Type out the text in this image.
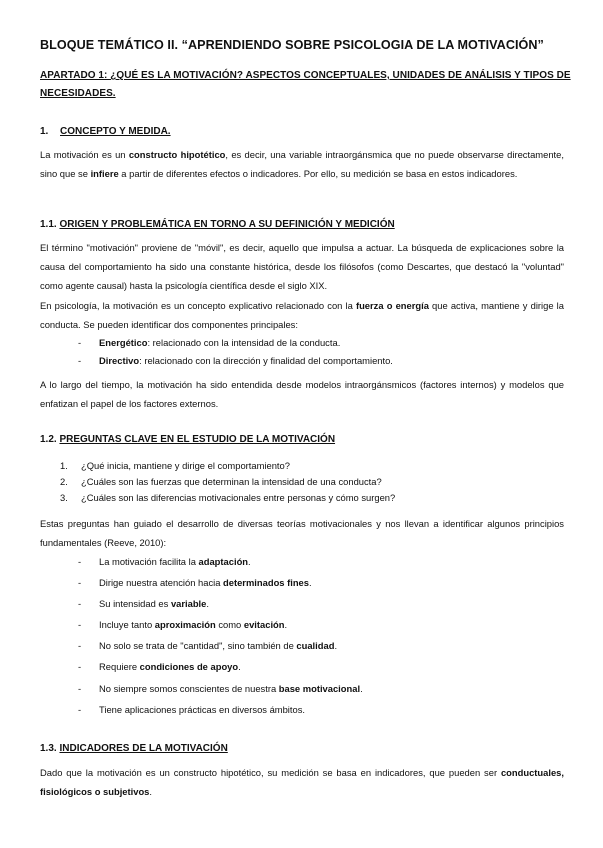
BLOQUE TEMÁTICO II. “APRENDIENDO SOBRE PSICOLOGIA DE LA MOTIVACIÓN”
APARTADO 1: ¿QUÉ ES LA MOTIVACIÓN? ASPECTOS CONCEPTUALES, UNIDADES DE ANÁLISIS Y TIPOS DE
NECESIDADES.
1. CONCEPTO Y MEDIDA.

La motivación es un constructo hipotético, es decir, una variable intraorgánsmica que no puede observarse directamente, sino que se infiere a partir de diferentes efectos o indicadores. Por ello, su medición se basa en estos indicadores.

1.1. ORIGEN Y PROBLEMÁTICA EN TORNO A SU DEFINICIÓN Y MEDICIÓN

El término "motivación" proviene de "móvil", es decir, aquello que impulsa a actuar. La búsqueda de explicaciones sobre la causa del comportamiento ha sido una constante histórica, desde los filósofos (como Descartes, que destacó la "voluntad" como agente causal) hasta la psicología científica desde el siglo XIX.

En psicología, la motivación es un concepto explicativo relacionado con la fuerza o energía que activa, mantiene y dirige la conducta. Se pueden identificar dos componentes principales:

- Energético: relacionado con la intensidad de la conducta.
- Directivo: relacionado con la dirección y finalidad del comportamiento.

A lo largo del tiempo, la motivación ha sido entendida desde modelos intraorgánsmicos (factores internos) y modelos que enfatizan el papel de los factores externos.

1.2. PREGUNTAS CLAVE EN EL ESTUDIO DE LA MOTIVACIÓN
1. ¿Qué inicia, mantiene y dirige el comportamiento?
2. ¿Cuáles son las fuerzas que determinan la intensidad de una conducta?
3. ¿Cuáles son las diferencias motivacionales entre personas y cómo surgen?

Estas preguntas han guiado el desarrollo de diversas teorías motivacionales y nos llevan a identificar algunos principios fundamentales (Reeve, 2010):

- La motivación facilita la adaptación.
- Dirige nuestra atención hacia determinados fines.
- Su intensidad es variable.
- Incluye tanto aproximación como evitación.
- No solo se trata de "cantidad", sino también de cualidad.
- Requiere condiciones de apoyo.
- No siempre somos conscientes de nuestra base motivacional.
- Tiene aplicaciones prácticas en diversos ámbitos.
1.3. INDICADORES DE LA MOTIVACIÓN

Dado que la motivación es un constructo hipotético, su medición se basa en indicadores, que pueden ser conductuales, fisiológicos o subjetivos.
